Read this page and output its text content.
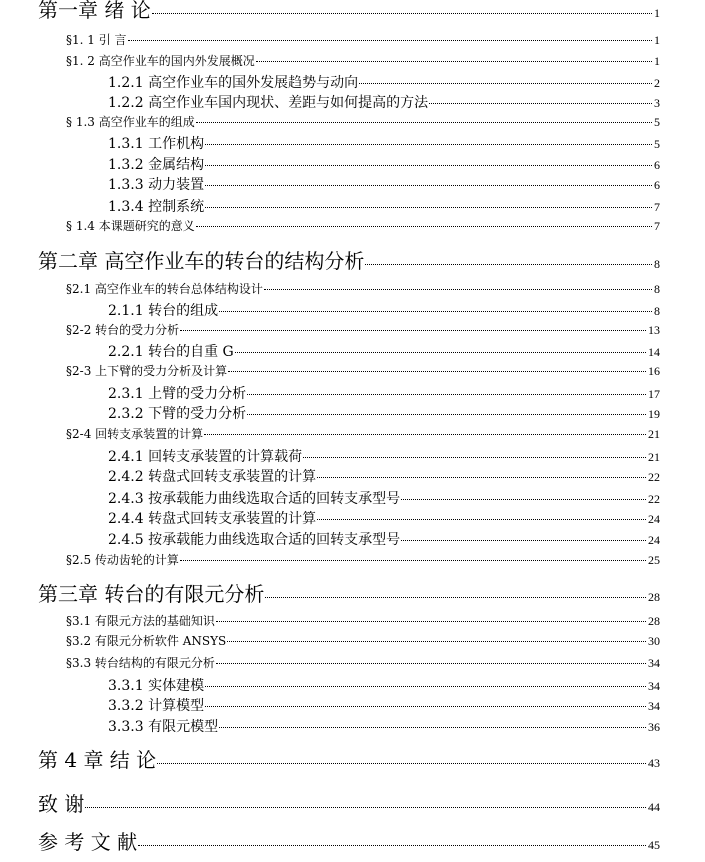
第一章 绪 论	1
§1. 1 引 言	1
§1. 2 高空作业车的国内外发展概况	1
1.2.1 高空作业车的国外发展趋势与动向	2
1.2.2 高空作业车国内现状、差距与如何提高的方法	3
§ 1.3 高空作业车的组成	5
1.3.1 工作机构	5
1.3.2 金属结构	6
1.3.3 动力装置	6
1.3.4 控制系统	7
§ 1.4 本课题研究的意义	7
第二章 高空作业车的转台的结构分析	8
§2.1 高空作业车的转台总体结构设计	8
2.1.1 转台的组成	8
§2-2 转台的受力分析	13
2.2.1 转台的自重 G	14
§2-3 上下臂的受力分析及计算	16
2.3.1 上臂的受力分析	17
2.3.2 下臂的受力分析	19
§2-4 回转支承装置的计算	21
2.4.1 回转支承装置的计算载荷	21
2.4.2 转盘式回转支承装置的计算	22
2.4.3 按承载能力曲线选取合适的回转支承型号	22
2.4.4 转盘式回转支承装置的计算	24
2.4.5 按承载能力曲线选取合适的回转支承型号	24
§2.5 传动齿轮的计算	25
第三章 转台的有限元分析	28
§3.1 有限元方法的基础知识	28
§3.2 有限元分析软件 ANSYS	30
§3.3 转台结构的有限元分析	34
3.3.1 实体建模	34
3.3.2 计算模型	34
3.3.3 有限元模型	36
第 4 章 结 论	43
致 谢	44
参 考 文 献	45
